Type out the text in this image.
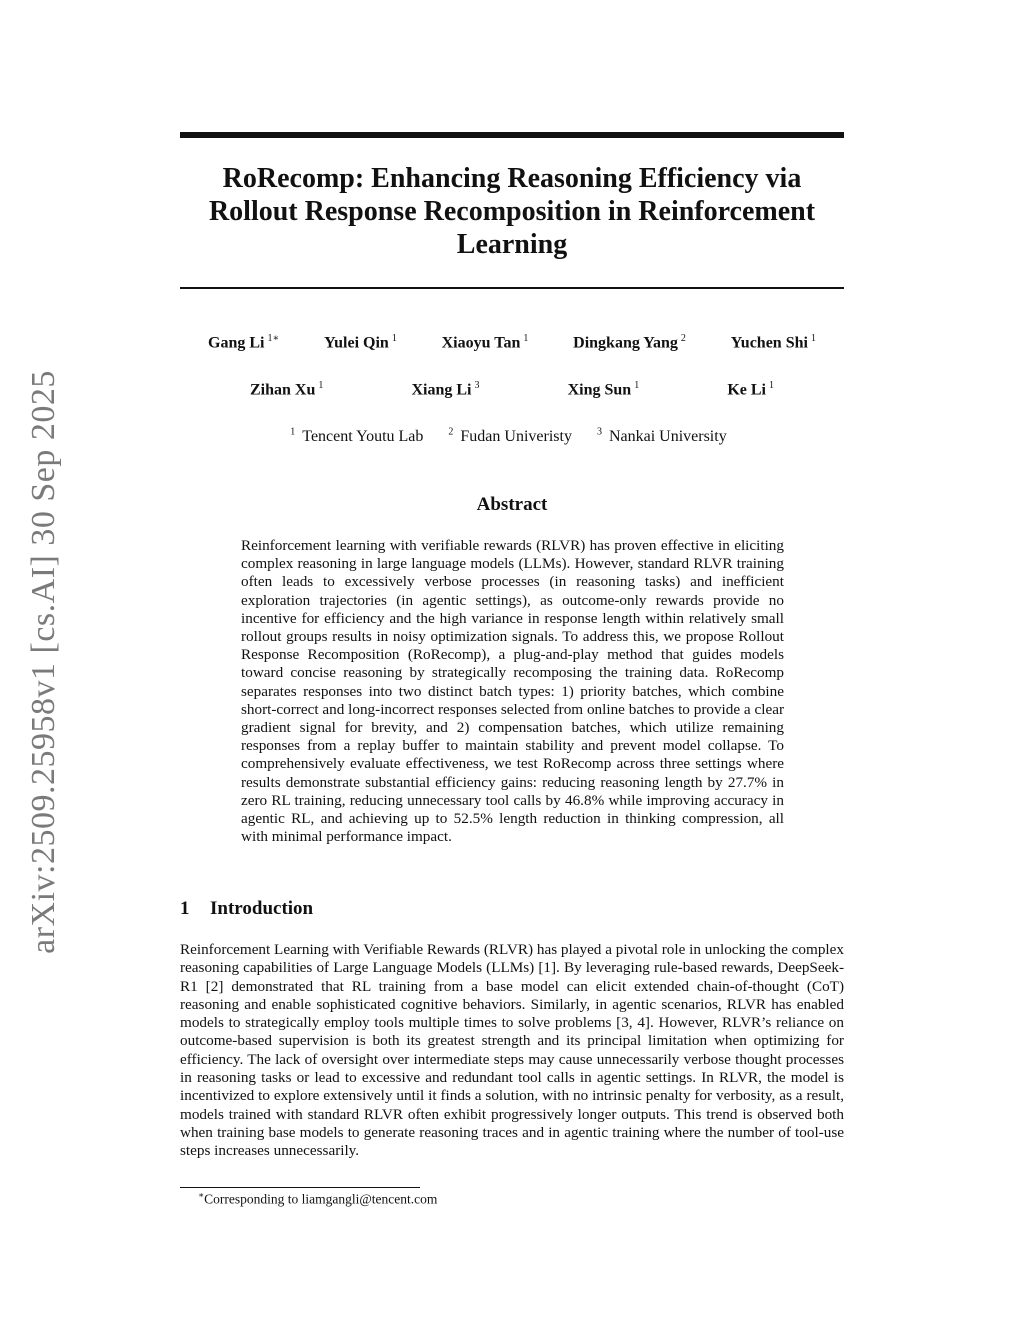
arXiv:2509.25958v1 [cs.AI] 30 Sep 2025
RoRecomp: Enhancing Reasoning Efficiency via Rollout Response Recomposition in Reinforcement Learning
Gang Li $^{1∗}$	Yulei Qin $^1$	Xiaoyu Tan $^1$	Dingkang Yang $^2$	Yuchen Shi $^1$
Zihan Xu $^1$	Xiang Li $^3$	Xing Sun $^1$	Ke Li $^1$
$^1$ Tencent Youtu Lab	$^2$ Fudan Univeristy	$^3$ Nankai University
Abstract
Reinforcement learning with verifiable rewards (RLVR) has proven effective in eliciting complex reasoning in large language models (LLMs). However, standard RLVR training often leads to excessively verbose processes (in reasoning tasks) and inefficient exploration trajectories (in agentic settings), as outcome-only rewards provide no incentive for efficiency and the high variance in response length within relatively small rollout groups results in noisy optimization signals. To address this, we propose Rollout Response Recomposition (RoRecomp), a plug-and-play method that guides models toward concise reasoning by strategically recomposing the training data. RoRecomp separates responses into two distinct batch types: 1) priority batches, which combine short-correct and long-incorrect responses selected from online batches to provide a clear gradient signal for brevity, and 2) compensation batches, which utilize remaining responses from a replay buffer to maintain stability and prevent model collapse. To comprehensively evaluate effectiveness, we test RoRecomp across three settings where results demonstrate substantial efficiency gains: reducing reasoning length by 27.7% in zero RL training, reducing unnecessary tool calls by 46.8% while improving accuracy in agentic RL, and achieving up to 52.5% length reduction in thinking compression, all with minimal performance impact.
1 Introduction
Reinforcement Learning with Verifiable Rewards (RLVR) has played a pivotal role in unlocking the complex reasoning capabilities of Large Language Models (LLMs) [1]. By leveraging rule-based rewards, DeepSeek-R1 [2] demonstrated that RL training from a base model can elicit extended chain-of-thought (CoT) reasoning and enable sophisticated cognitive behaviors. Similarly, in agentic scenarios, RLVR has enabled models to strategically employ tools multiple times to solve problems [3, 4]. However, RLVR’s reliance on outcome-based supervision is both its greatest strength and its principal limitation when optimizing for efficiency. The lack of oversight over intermediate steps may cause unnecessarily verbose thought processes in reasoning tasks or lead to excessive and redundant tool calls in agentic settings. In RLVR, the model is incentivized to explore extensively until it finds a solution, with no intrinsic penalty for verbosity, as a result, models trained with standard RLVR often exhibit progressively longer outputs. This trend is observed both when training base models to generate reasoning traces and in agentic training where the number of tool-use steps increases unnecessarily.
∗Corresponding to liamgangli@tencent.com
